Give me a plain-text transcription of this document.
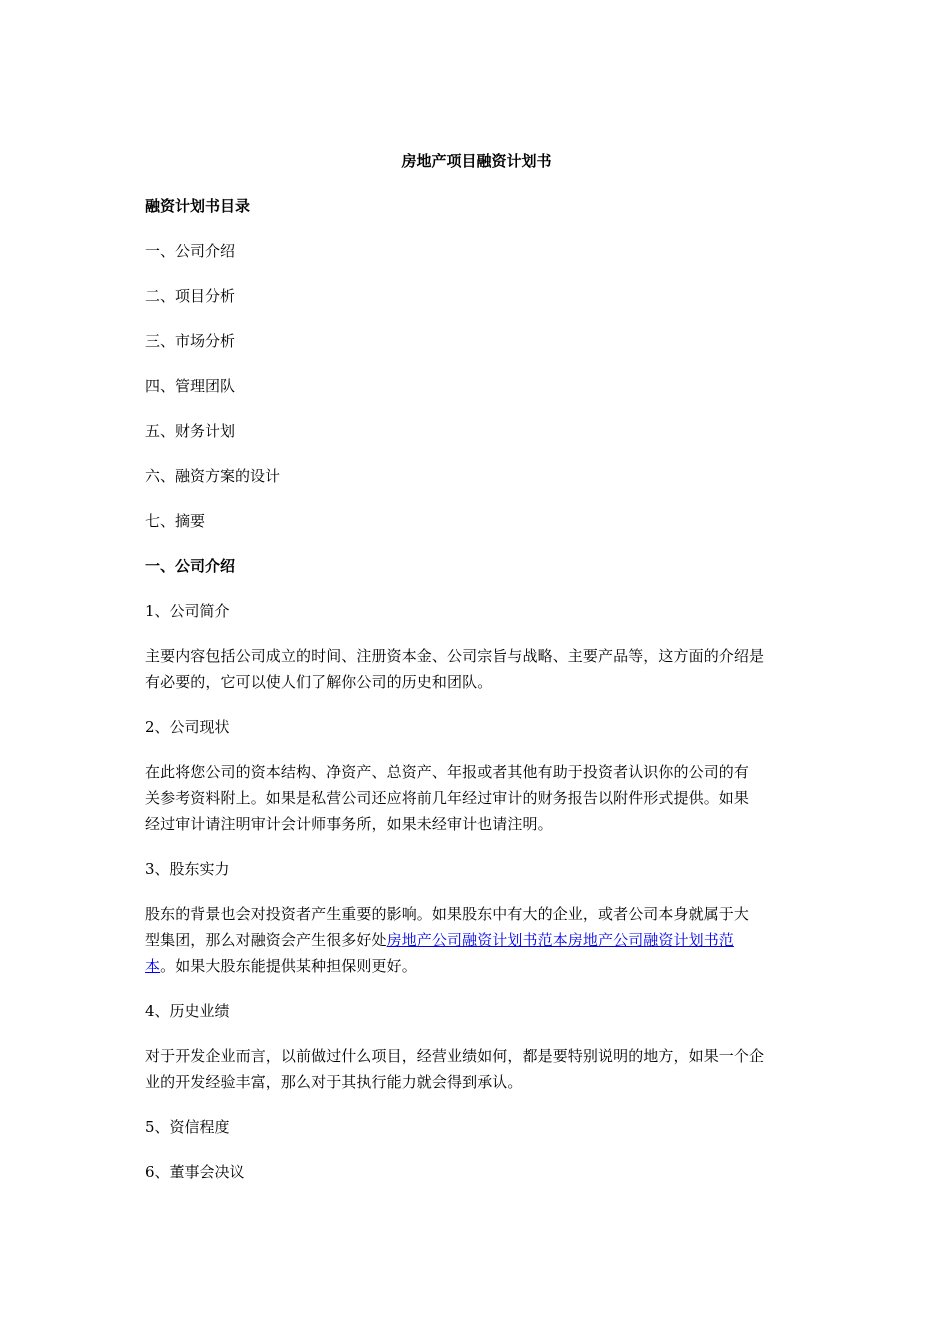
房地产项目融资计划书
融资计划书目录
一、公司介绍
二、项目分析
三、市场分析
四、管理团队
五、财务计划
六、融资方案的设计
七、摘要
一、公司介绍
1、公司简介
主要内容包括公司成立的时间、注册资本金、公司宗旨与战略、主要产品等，这方面的介绍是
有必要的，它可以使人们了解你公司的历史和团队。
2、公司现状
在此将您公司的资本结构、净资产、总资产、年报或者其他有助于投资者认识你的公司的有
关参考资料附上。如果是私营公司还应将前几年经过审计的财务报告以附件形式提供。如果
经过审计请注明审计会计师事务所，如果未经审计也请注明。
3、股东实力
股东的背景也会对投资者产生重要的影响。如果股东中有大的企业，或者公司本身就属于大
型集团，那么对融资会产生很多好处房地产公司融资计划书范本房地产公司融资计划书范
本。如果大股东能提供某种担保则更好。
4、历史业绩
对于开发企业而言，以前做过什么项目，经营业绩如何，都是要特别说明的地方，如果一个企
业的开发经验丰富，那么对于其执行能力就会得到承认。
5、资信程度
6、董事会决议
